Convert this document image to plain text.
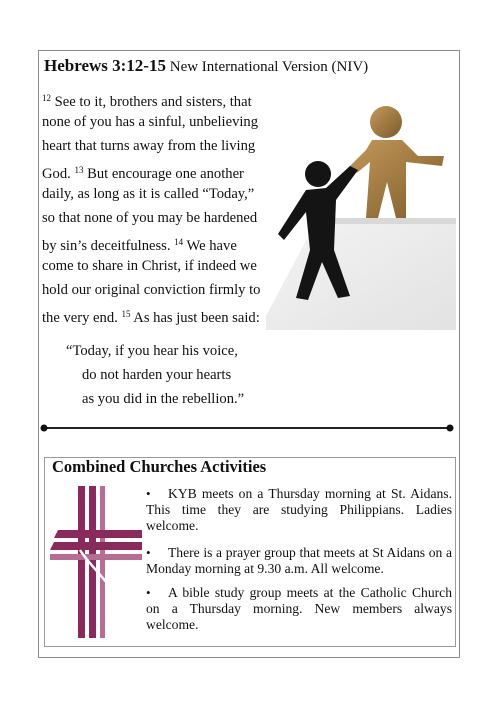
Hebrews 3:12-15 New International Version (NIV)
$^{12}$ See to it, brothers and sisters, that
none of you has a sinful, unbelieving
heart that turns away from the living
God. $^{13}$ But encourage one another
daily, as long as it is called “Today,”
so that none of you may be hardened
by sin’s deceitfulness. $^{14}$ We have
come to share in Christ, if indeed we
hold our original conviction firmly to
the very end. $^{15}$ As has just been said:
“Today, if you hear his voice,
do not harden your hearts
as you did in the rebellion.”
Combined Churches Activities
•	KYB meets on a Thursday morning at St. Aidans. This time they are studying Philippians. Ladies welcome.
•	There is a prayer group that meets at St Aidans on a Monday morning at 9.30 a.m. All welcome.
•	A bible study group meets at the Catholic Church on a Thursday morning. New members always welcome.
